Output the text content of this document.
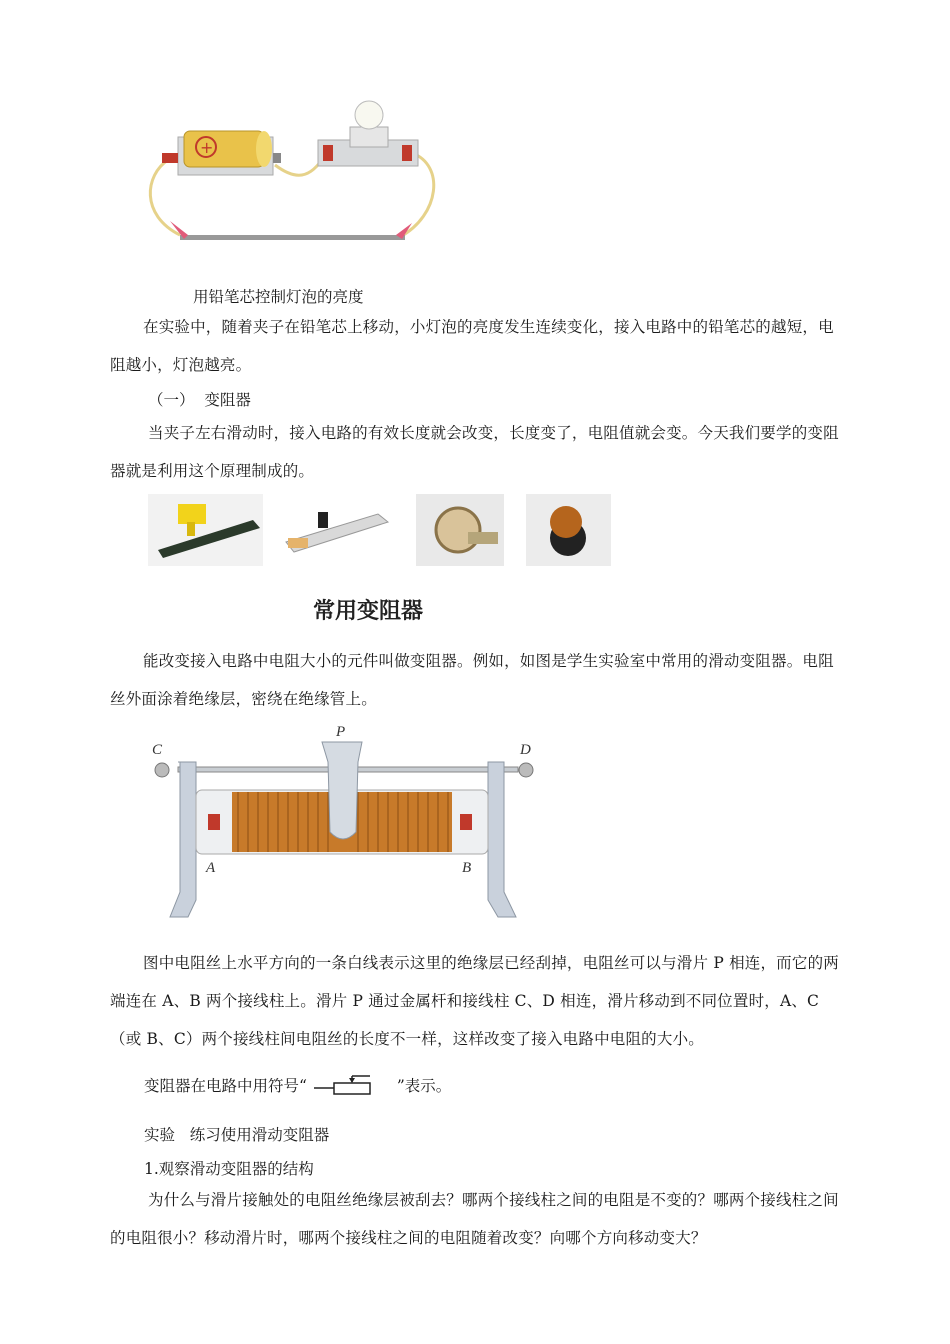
+
用铅笔芯控制灯泡的亮度
在实验中，随着夹子在铅笔芯上移动，小灯泡的亮度发生连续变化，接入电路中的铅笔芯的越短，电阻越小，灯泡越亮。
（一）  变阻器
当夹子左右滑动时，接入电路的有效长度就会改变，长度变了，电阻值就会变。今天我们要学的变阻器就是利用这个原理制成的。
常用变阻器
能改变接入电路中电阻大小的元件叫做变阻器。例如，如图是学生实验室中常用的滑动变阻器。电阻丝外面涂着绝缘层，密绕在绝缘管上。
P
C	D
A	B
图中电阻丝上水平方向的一条白线表示这里的绝缘层已经刮掉，电阻丝可以与滑片 P 相连，而它的两端连在 A、B 两个接线柱上。滑片 P 通过金属杆和接线柱 C、D 相连，滑片移动到不同位置时，A、C（或 B、C）两个接线柱间电阻丝的长度不一样，这样改变了接入电路中电阻的大小。
变阻器在电路中用符号“	”表示。
实验   练习使用滑动变阻器
1.观察滑动变阻器的结构
为什么与滑片接触处的电阻丝绝缘层被刮去？哪两个接线柱之间的电阻是不变的？哪两个接线柱之间的电阻很小？移动滑片时，哪两个接线柱之间的电阻随着改变？向哪个方向移动变大？
